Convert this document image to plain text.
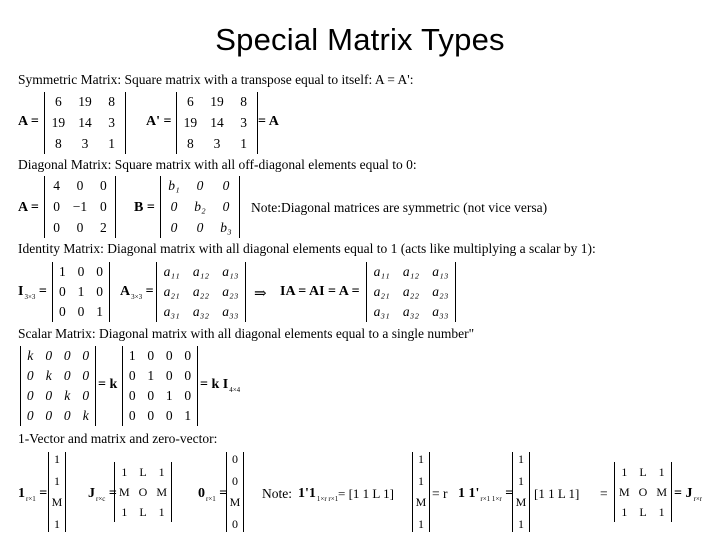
Special Matrix Types
Symmetric Matrix: Square matrix with a transpose equal to itself: A = A':
A =
6	19	8
19 14	3
8	3	1
A' =
6	19	8
19 14	3
8	3	1
= A
Diagonal Matrix: Square matrix with all off-diagonal elements equal to 0:
A =
4	0	0
0 −1 0
0	0	2
B =
b₁	0	0
0	b₂	0
0	0	b₃
Note:Diagonal matrices are symmetric (not vice versa)
Identity Matrix: Diagonal matrix with all diagonal elements equal to 1 (acts like multiplying a scalar by 1):
$I_{3\times 3}$ =
1 0 0
0 1 0
0 0 1
$A_{3\times 3}$ =
a₁₁ a₁₂ a₁₃
a₂₁ a₂₂ a₂₃
a₃₁ a₃₂ a₃₃
⇒ IA = AI = A =
a₁₁ a₁₂ a₁₃
a₂₁ a₂₂ a₂₃
a₃₁ a₃₂ a₃₃
Scalar Matrix: Diagonal matrix with all diagonal elements equal to a single number"
k 0 0 0
0 k 0 0
0 0 k 0
0 0 0 k
= k
1 0 0 0
0 1 0 0
0 0 1 0
0 0 0 1
= k $I_{4\times 4}$
1-Vector and matrix and zero-vector:
$1_{r\times 1}$ =
1
1
M
1
$J_{r\times c}$ =
1 L	1
M O M
1 L	1
$0_{r\times 1}$ =
0
0
M
0
Note: $1'1_{1\times r r\times 1} = [1$ 1 L 1]
1
1
M
1
= r 1 $1'_{r\times 1 1\times r}$ =
1
1
M
1
[1 1 L 1] =
1 L	1
M O M
1 L	1
= $J_{r\times r}$
